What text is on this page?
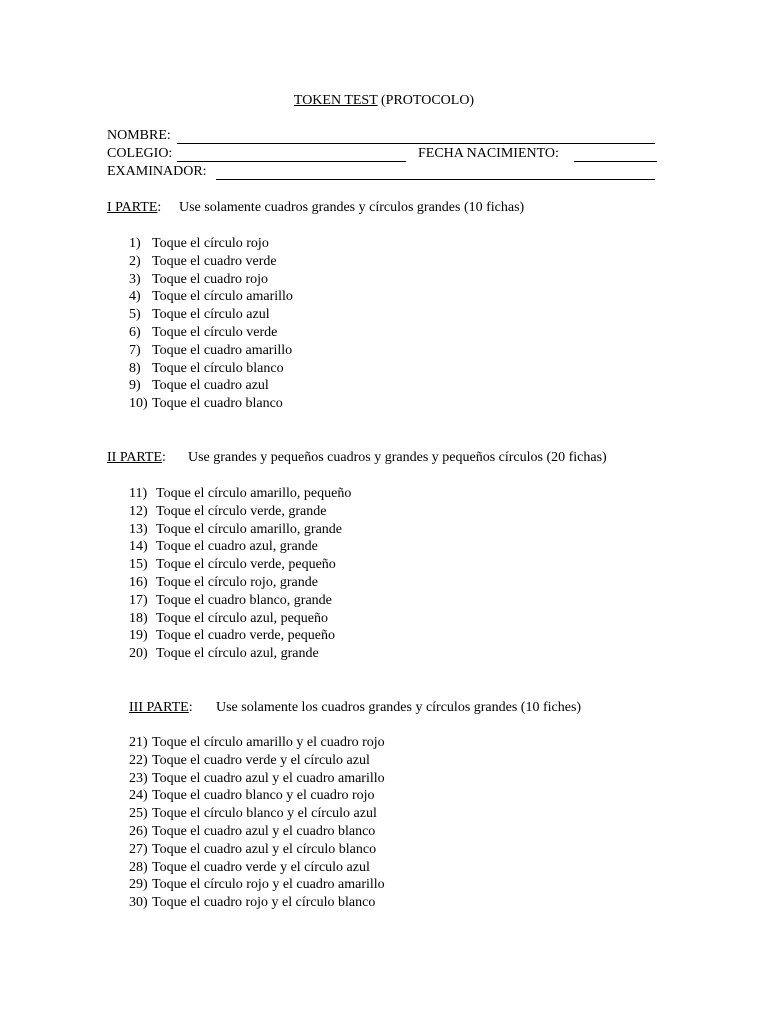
TOKEN TEST (PROTOCOLO)
NOMBRE:
COLEGIO:	FECHA NACIMIENTO:
EXAMINADOR:
I PARTE: Use solamente cuadros grandes y círculos grandes (10 fichas)
1) Toque el círculo rojo
2) Toque el cuadro verde
3) Toque el cuadro rojo
4) Toque el círculo amarillo
5) Toque el círculo azul
6) Toque el círculo verde
7) Toque el cuadro amarillo
8) Toque el círculo blanco
9) Toque el cuadro azul
10) Toque el cuadro blanco
II PARTE: Use grandes y pequeños cuadros y grandes y pequeños círculos (20 fichas)
11) Toque el círculo amarillo, pequeño
12) Toque el círculo verde, grande
13) Toque el círculo amarillo, grande
14) Toque el cuadro azul, grande
15) Toque el círculo verde, pequeño
16) Toque el círculo rojo, grande
17) Toque el cuadro blanco, grande
18) Toque el círculo azul, pequeño
19) Toque el cuadro verde, pequeño
20) Toque el círculo azul, grande
III PARTE: Use solamente los cuadros grandes y círculos grandes (10 fiches)
21) Toque el círculo amarillo y el cuadro rojo
22) Toque el cuadro verde y el círculo azul
23) Toque el cuadro azul y el cuadro amarillo
24) Toque el cuadro blanco y el cuadro rojo
25) Toque el círculo blanco y el círculo azul
26) Toque el cuadro azul y el cuadro blanco
27) Toque el cuadro azul y el círculo blanco
28) Toque el cuadro verde y el círculo azul
29) Toque el círculo rojo y el cuadro amarillo
30) Toque el cuadro rojo y el círculo blanco
